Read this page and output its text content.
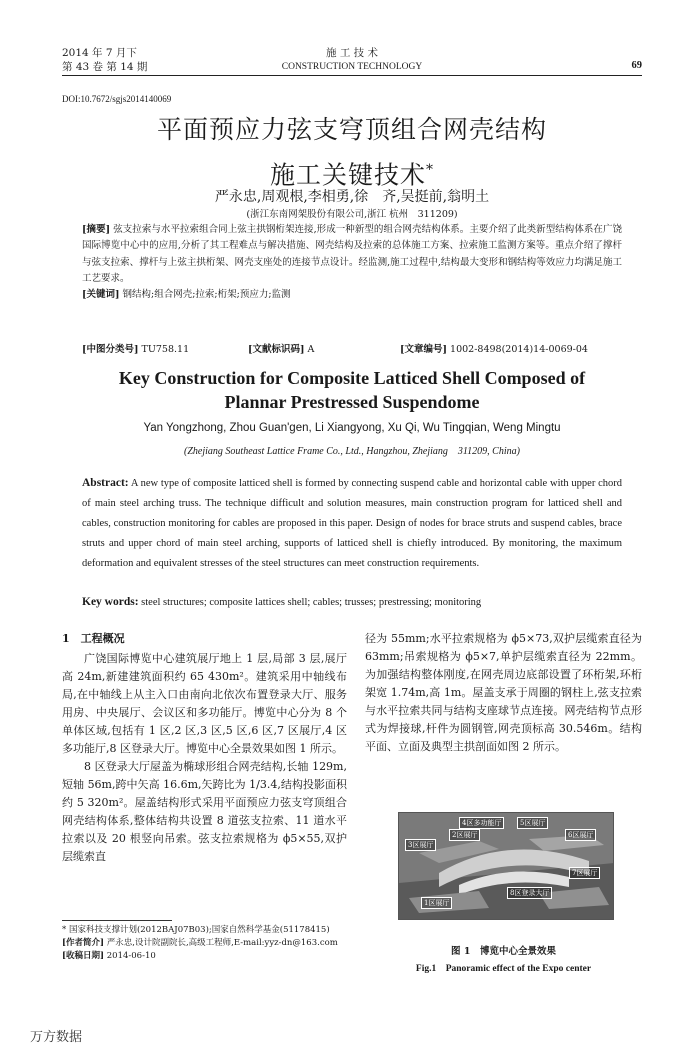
2014 年 7 月下
第 43 卷 第 14 期
施 工 技 术
CONSTRUCTION TECHNOLOGY	69
DOI:10.7672/sgjs2014140069
平面预应力弦支穹顶组合网壳结构
施工关键技术*
严永忠,周观根,李相勇,徐　齐,吴挺前,翁明土
(浙江东南网架股份有限公司,浙江 杭州　311209)
[摘要] 弦支拉索与水平拉索组合同上弦主拱钢桁架连接,形成一种新型的组合网壳结构体系。主要介绍了此类新型结构体系在广饶国际博览中心中的应用,分析了其工程难点与解决措施、网壳结构及拉索的总体施工方案、拉索施工监测方案等。重点介绍了撑杆与弦支拉索、撑杆与上弦主拱桁架、网壳支座处的连接节点设计。经监测,施工过程中,结构最大变形和钢结构等效应力均满足施工工艺要求。
[关键词] 钢结构;组合网壳;拉索;桁架;预应力;监测
[中图分类号] TU758.11	[文献标识码] A	[文章编号] 1002-8498(2014)14-0069-04
Key Construction for Composite Latticed Shell Composed of
Plannar Prestressed Suspendome
Yan Yongzhong, Zhou Guan'gen, Li Xiangyong, Xu Qi, Wu Tingqian, Weng Mingtu
(Zhejiang Southeast Lattice Frame Co., Ltd., Hangzhou, Zhejiang　311209, China)
Abstract: A new type of composite latticed shell is formed by connecting suspend cable and horizontal cable with upper chord of main steel arching truss. The technique difficult and solution measures, main construction program for latticed shell and cables, construction monitoring for cables are proposed in this paper. Design of nodes for brace struts and suspend cables, brace struts and upper chord of main steel arching, supports of latticed shell is chiefly introduced. By monitoring, the maximum deformation and equivalent stresses of the steel structures can meet construction requirements.
Key words: steel structures; composite lattices shell; cables; trusses; prestressing; monitoring
1　工程概况

广饶国际博览中心建筑展厅地上 1 层,局部 3 层,展厅高 24m,新建建筑面积约 65 430m²。建筑采用中轴线布局,在中轴线上从主入口由南向北依次布置登录大厅、服务用房、中央展厅、会议区和多功能厅。博览中心分为 8 个单体区域,包括有 1 区,2 区,3 区,5 区,6 区,7 区展厅,4 区多功能厅,8 区登录大厅。博览中心全景效果如图 1 所示。

8 区登录大厅屋盖为椭球形组合网壳结构,长轴 129m,短轴 56m,跨中矢高 16.6m,矢跨比为 1/3.4,结构投影面积约 5 320m²。屋盖结构形式采用平面预应力弦支穹顶组合网壳结构体系,整体结构共设置 8 道弦支拉索、11 道水平拉索以及 20 根竖向吊索。弦支拉索规格为 ϕ5×55,双护层缆索直

径为 55mm;水平拉索规格为 ϕ5×73,双护层缆索直径为 63mm;吊索规格为 ϕ5×7,单护层缆索直径为 22mm。为加强结构整体刚度,在网壳周边底部设置了环桁架,环桁架宽 1.74m,高 1m。屋盖支承于周圈的钢柱上,弦支拉索与水平拉索共同与结构支座球节点连接。网壳结构节点形式为焊接球,杆件为圆钢管,网壳顶标高 30.546m。结构平面、立面及典型主拱剖面如图 2 所示。

4区多功能厅	5区展厅
2区展厅
3区展厅
6区展厅
7区展厅
8区登录大厅
1区展厅
图 1　博览中心全景效果
Fig.1　Panoramic effect of the Expo center
* 国家科技支撑计划(2012BAJ07B03);国家自然科学基金(51178415)
[作者简介] 严永忠,设计院副院长,高级工程师,E-mail:yyz-dn@163.com
[收稿日期] 2014-06-10
万方数据
